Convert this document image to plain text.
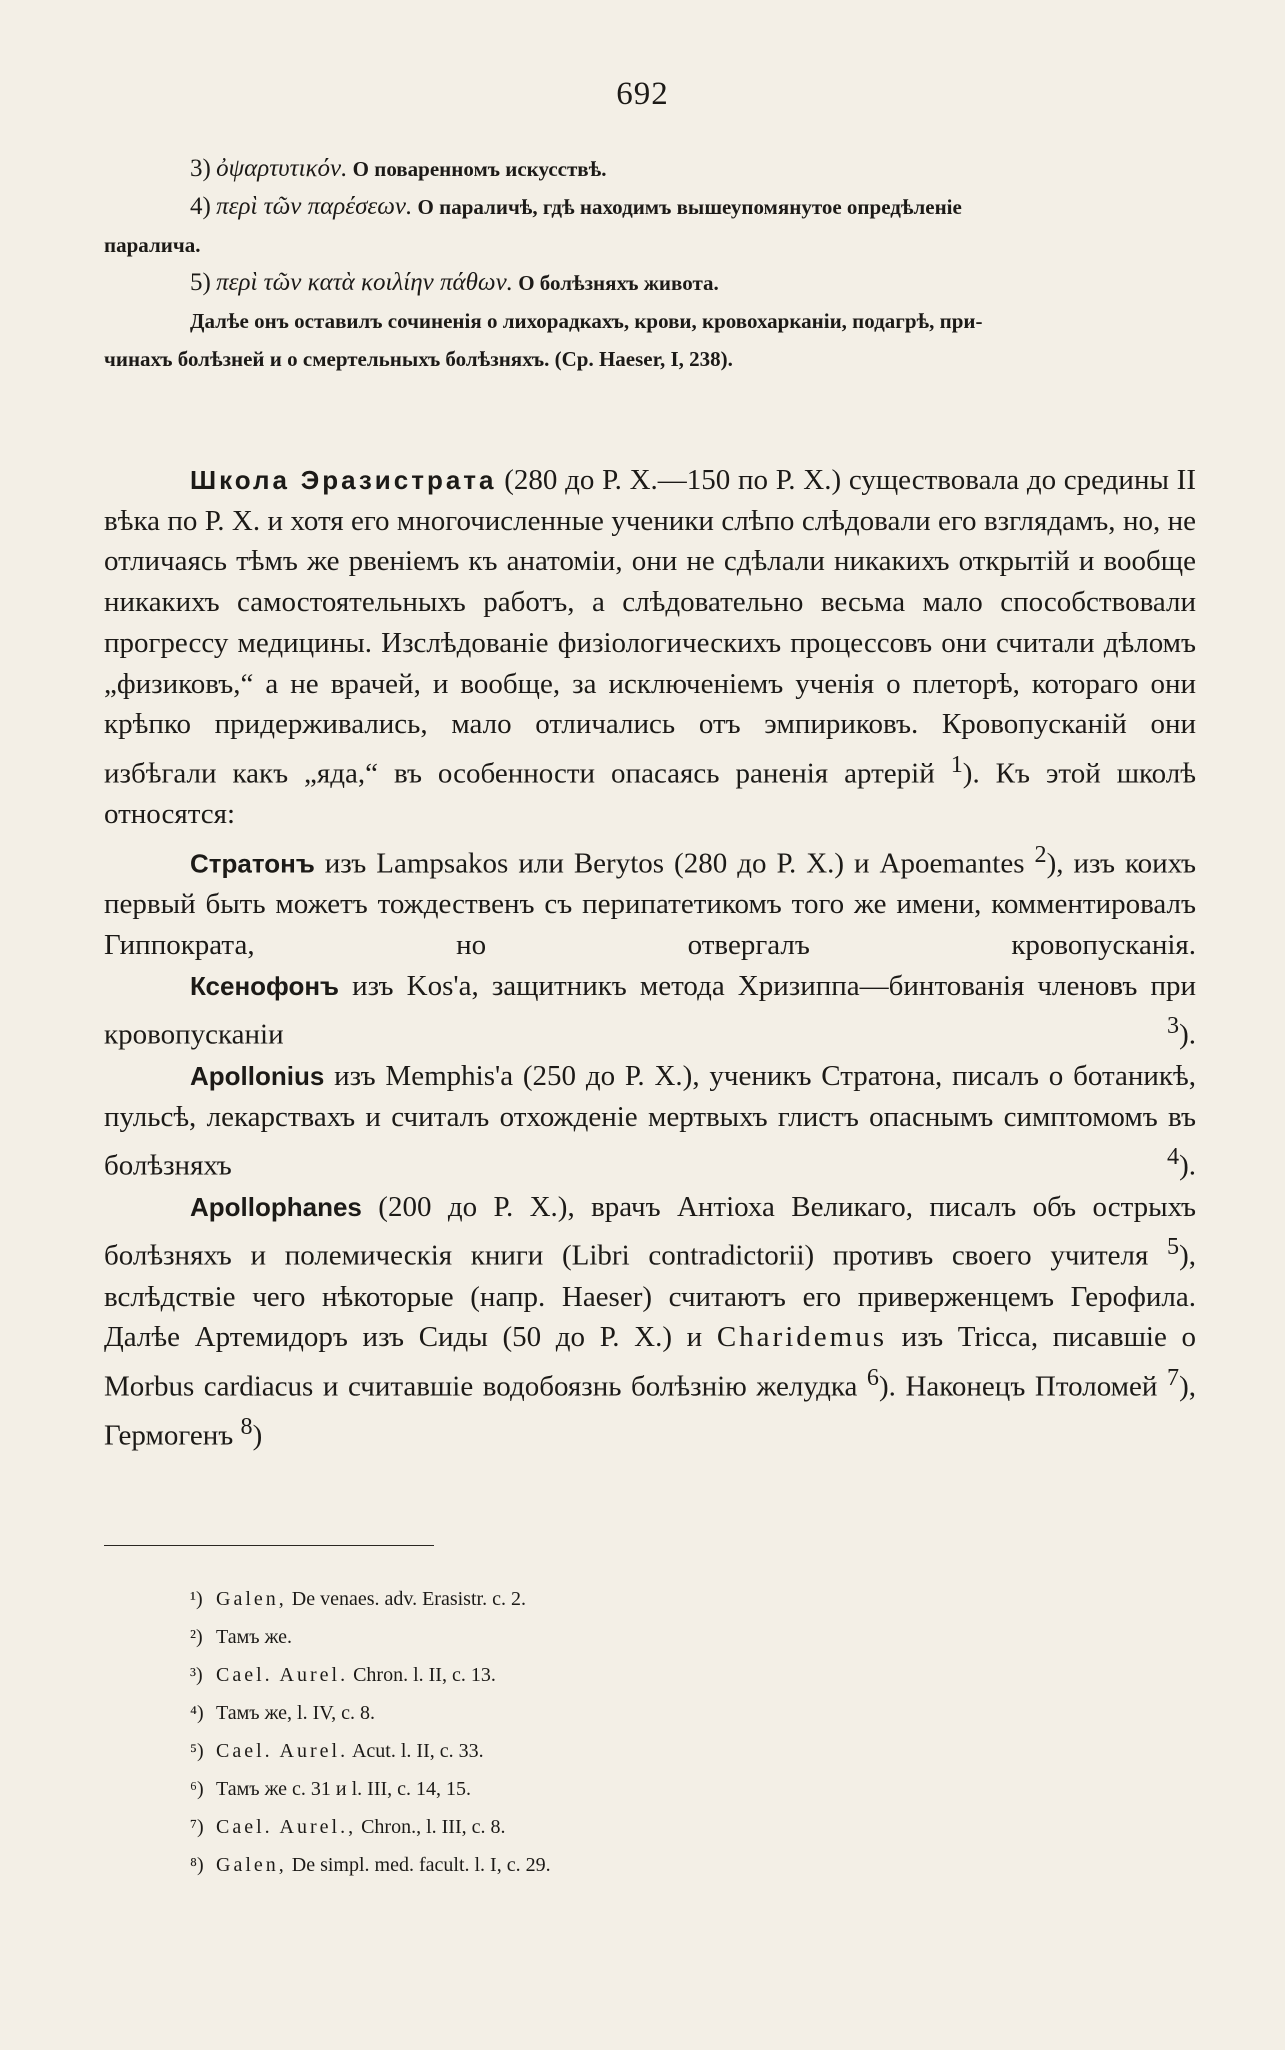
692

3) ὀψαρτυτικόν. О поваренномъ искусствѣ.

4) περὶ τῶν παρέσεων. О параличѣ, гдѣ находимъ вышеупомянутое опредѣленіе

паралича.

5) περὶ τῶν κατὰ κοιλίην πάθων. О болѣзняхъ живота.

Далѣе онъ оставилъ сочиненія о лихорадкахъ, крови, кровохарканіи, подагрѣ, при-

чинахъ болѣзней и о смертельныхъ болѣзняхъ. (Ср. Haeser, I, 238).

Школа Эразистрата (280 до Р. Х.—150 по Р. Х.) существовала до средины II вѣка по Р. Х. и хотя его многочисленные ученики слѣпо слѣдовали его взглядамъ, но, не отличаясь тѣмъ же рвеніемъ къ анатоміи, они не сдѣлали никакихъ открытій и вообще никакихъ самостоятельныхъ работъ, а слѣдовательно весьма мало способствовали прогрессу медицины. Изслѣдованіе физіологическихъ процессовъ они считали дѣломъ „физиковъ,“ а не врачей, и вообще, за исключеніемъ ученія о плеторѣ, котораго они крѣпко придерживались, мало отличались отъ эмпириковъ. Кровопусканій они избѣгали какъ „яда,“ въ особенности опасаясь раненія артерій $^1$). Къ этой школѣ относятся:

Стратонъ изъ Lampsakos или Berytos (280 до Р. Х.) и Apoemantes $^2$), изъ коихъ первый быть можетъ тождественъ съ перипатетикомъ того же имени, комментировалъ Гиппократа, но отвергалъ кровопусканія.

Ксенофонъ изъ Kos'а, защитникъ метода Хризиппа—бинтованія членовъ при кровопусканіи $^3$).

Apollonius изъ Memphis'а (250 до Р. Х.), ученикъ Стратона, писалъ о ботаникѣ, пульсѣ, лекарствахъ и считалъ отхожденіе мертвыхъ глистъ опаснымъ симптомомъ въ болѣзняхъ $^4$).

Apollophanes (200 до Р. Х.), врачъ Антіоха Великаго, писалъ объ острыхъ болѣзняхъ и полемическія книги (Libri contradictorii) противъ своего учителя $^5$), вслѣдствіе чего нѣкоторые (напр. Haeser) считаютъ его приверженцемъ Герофила. Далѣе Артемидоръ изъ Сиды (50 до Р. Х.) и Charidemus изъ Tricca, писавшіе о Morbus cardiacus и считавшіе водобоязнь болѣзнію желудка $^6$). Наконецъ Птоломей $^7$), Гермогенъ $^8$)

¹) Galen, De venaes. adv. Erasistr. c. 2.

²) Тамъ же.

³) Cael. Aurel. Chron. l. II, c. 13.

⁴) Тамъ же, l. IV, c. 8.

⁵) Cael. Aurel. Acut. l. II, c. 33.

⁶) Тамъ же c. 31 и l. III, c. 14, 15.

⁷) Cael. Aurel., Chron., l. III, c. 8.

⁸) Galen, De simpl. med. facult. l. I, c. 29.
